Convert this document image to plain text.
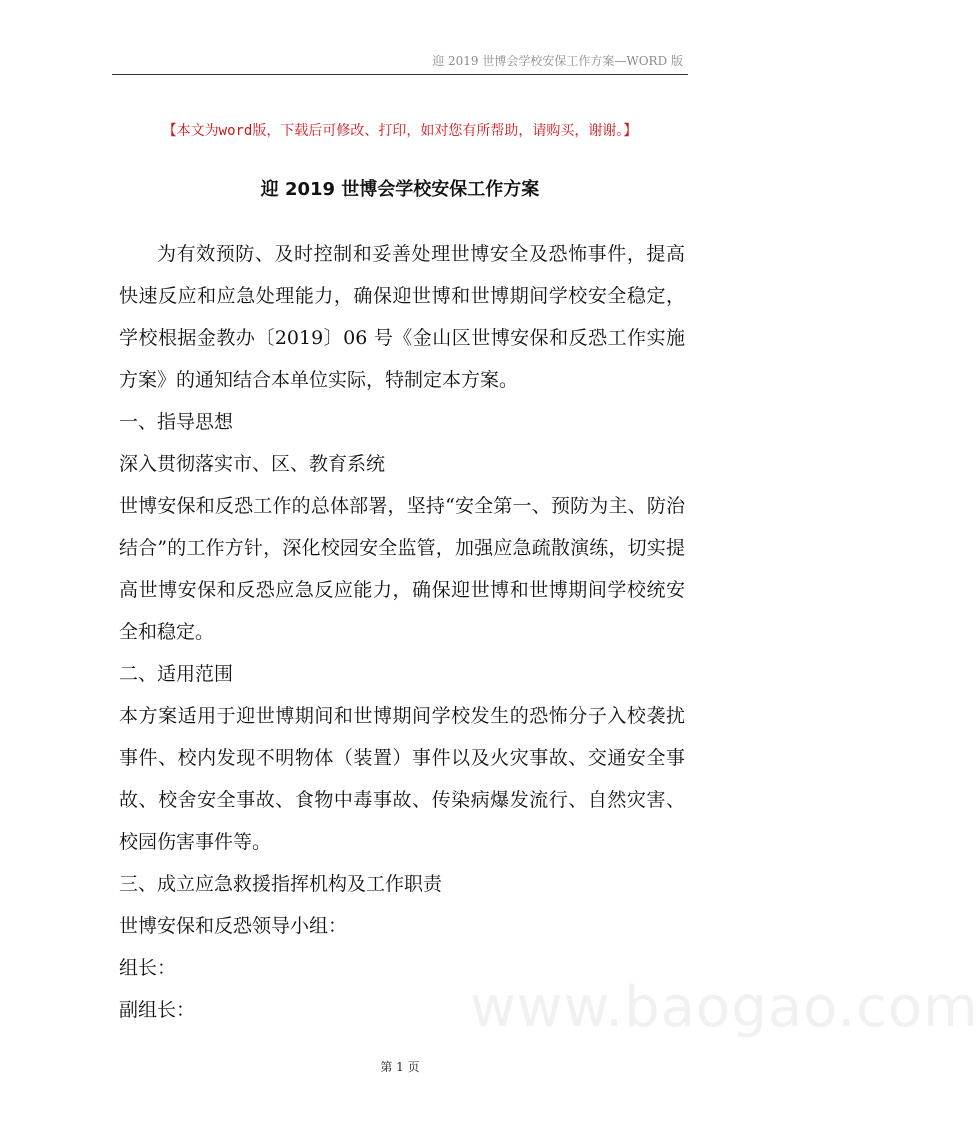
迎 2019 世博会学校安保工作方案—WORD 版
【本文为word版，下载后可修改、打印，如对您有所帮助，请购买，谢谢。】
迎 2019 世博会学校安保工作方案

为有效预防、及时控制和妥善处理世博安全及恐怖事件，提高快速反应和应急处理能力，确保迎世博和世博期间学校安全稳定，学校根据金教办〔2019〕06 号《金山区世博安保和反恐工作实施方案》的通知结合本单位实际，特制定本方案。

一、指导思想

深入贯彻落实市、区、教育系统

世博安保和反恐工作的总体部署，坚持“安全第一、预防为主、防治结合”的工作方针，深化校园安全监管，加强应急疏散演练，切实提高世博安保和反恐应急反应能力，确保迎世博和世博期间学校统安全和稳定。

二、适用范围

本方案适用于迎世博期间和世博期间学校发生的恐怖分子入校袭扰事件、校内发现不明物体（装置）事件以及火灾事故、交通安全事故、校舍安全事故、食物中毒事故、传染病爆发流行、自然灾害、校园伤害事件等。

三、成立应急救援指挥机构及工作职责

世博安保和反恐领导小组：

组长：

副组长：	www.baogao.com
第 1 页
